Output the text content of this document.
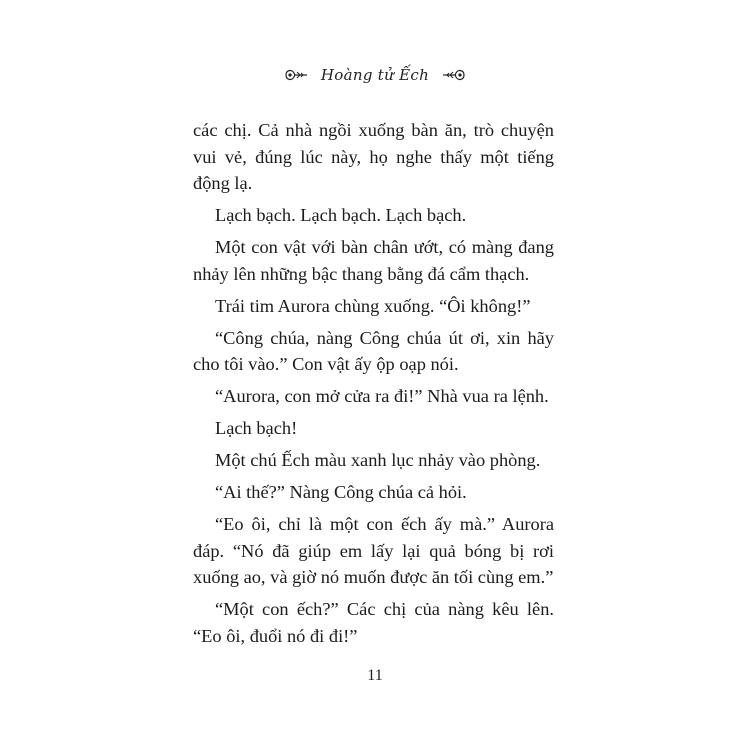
Hoàng tử Ếch

các chị. Cả nhà ngồi xuống bàn ăn, trò chuyện vui vẻ, đúng lúc này, họ nghe thấy một tiếng động lạ.

Lạch bạch. Lạch bạch. Lạch bạch.

Một con vật với bàn chân ướt, có màng đang nhảy lên những bậc thang bằng đá cẩm thạch.

Trái tim Aurora chùng xuống. “Ôi không!”

“Công chúa, nàng Công chúa út ơi, xin hãy cho tôi vào.” Con vật ấy ộp oạp nói.

“Aurora, con mở cửa ra đi!” Nhà vua ra lệnh.

Lạch bạch!

Một chú Ếch màu xanh lục nhảy vào phòng.

“Ai thế?” Nàng Công chúa cả hỏi.

“Eo ôi, chỉ là một con ếch ấy mà.” Aurora đáp. “Nó đã giúp em lấy lại quả bóng bị rơi xuống ao, và giờ nó muốn được ăn tối cùng em.”

“Một con ếch?” Các chị của nàng kêu lên. “Eo ôi, đuổi nó đi đi!”

11
